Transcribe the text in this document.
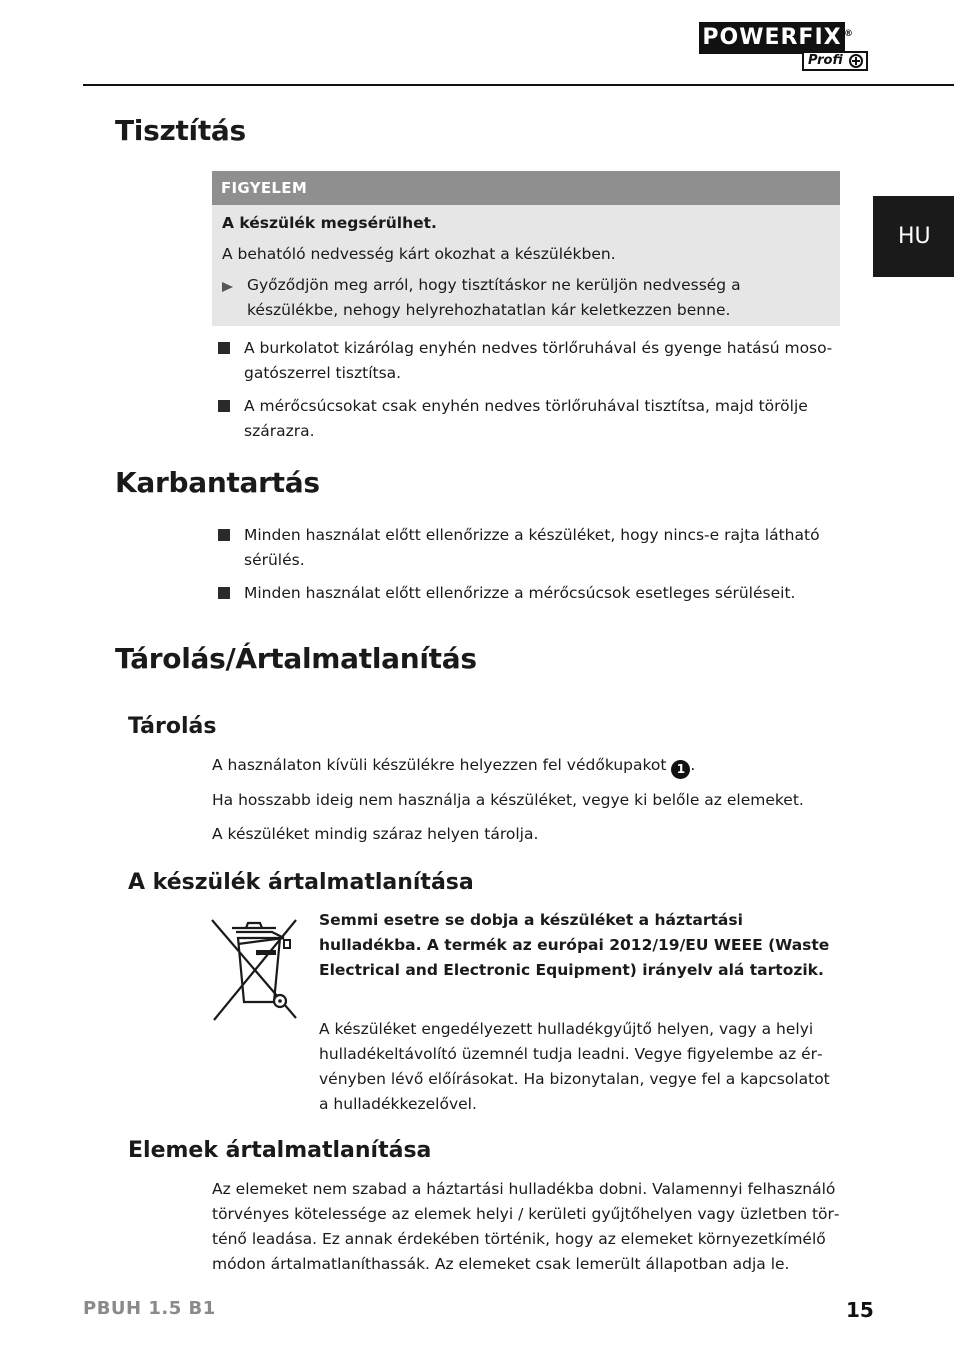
POWERFIX ®
Profi
HU
Tisztítás
FIGYELEM

A készülék megsérülhet.

A behatóló nedvesség kárt okozhat a készülékben.

Győződjön meg arról, hogy tisztításkor ne kerüljön nedvesség a készülékbe, nehogy helyrehozhatatlan kár keletkezzen benne.
A burkolatot kizárólag enyhén nedves törlőruhával és gyenge hatású mosogatószerrel tisztítsa.
A mérőcsúcsokat csak enyhén nedves törlőruhával tisztítsa, majd törölje szárazra.
Karbantartás
Minden használat előtt ellenőrizze a készüléket, hogy nincs-e rajta látható sérülés.
Minden használat előtt ellenőrizze a mérőcsúcsok esetleges sérüléseit.
Tárolás/Ártalmatlanítás
Tárolás
A használaton kívüli készülékre helyezzen fel védőkupakot 1 .
Ha hosszabb ideig nem használja a készüléket, vegye ki belőle az elemeket.
A készüléket mindig száraz helyen tárolja.
A készülék ártalmatlanítása
Semmi esetre se dobja a készüléket a háztartási hulladékba. A termék az európai 2012/19/EU WEEE (Waste Electrical and Electronic Equipment) irányelv alá tartozik.
A készüléket engedélyezett hulladékgyűjtő helyen, vagy a helyi hulladékeltávolító üzemnél tudja leadni. Vegye figyelembe az érvényben lévő előírásokat. Ha bizonytalan, vegye fel a kapcsolatot a hulladékkezelővel.
Elemek ártalmatlanítása
Az elemeket nem szabad a háztartási hulladékba dobni. Valamennyi felhasználó törvényes kötelessége az elemek helyi / kerületi gyűjtőhelyen vagy üzletben történő leadása. Ez annak érdekében történik, hogy az elemeket környezetkímélő módon ártalmatlaníthassák. Az elemeket csak lemerült állapotban adja le.
PBUH 1.5 B1	15
